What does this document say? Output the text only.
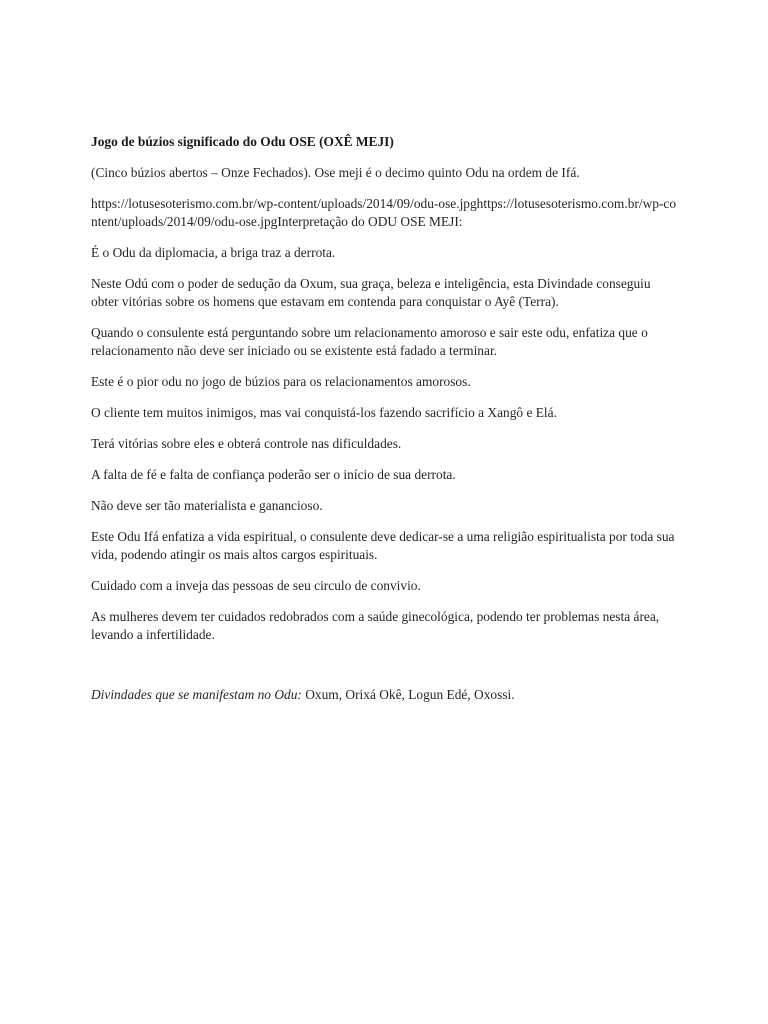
Jogo de búzios significado do Odu OSE (OXÊ MEJI)

(Cinco búzios abertos – Onze Fechados). Ose meji é o decimo quinto Odu na ordem de Ifá.

https://lotusesoterismo.com.br/wp-content/uploads/2014/09/odu-ose.jpghttps://lotusesoterismo.com.br/wp-content/uploads/2014/09/odu-ose.jpgInterpretação do ODU OSE MEJI:

É o Odu da diplomacia, a briga traz a derrota.

Neste Odú com o poder de sedução da Oxum, sua graça, beleza e inteligência, esta Divindade conseguiu obter vitórias sobre os homens que estavam em contenda para conquistar o Ayê (Terra).

Quando o consulente está perguntando sobre um relacionamento amoroso e sair este odu, enfatiza que o relacionamento não deve ser iniciado ou se existente está fadado a terminar.

Este é o pior odu no jogo de búzios para os relacionamentos amorosos.

O cliente tem muitos inimigos, mas vai conquistá-los fazendo sacrifício a Xangô e Elá.

Terá vitórias sobre eles e obterá controle nas dificuldades.

A falta de fé e falta de confiança poderão ser o início de sua derrota.

Não deve ser tão materialista e ganancioso.

Este Odu Ifá enfatiza a vida espiritual, o consulente deve dedicar-se a uma religião espiritualista por toda sua vida, podendo atingir os mais altos cargos espirituais.

Cuidado com a inveja das pessoas de seu circulo de convivio.

As mulheres devem ter cuidados redobrados com a saúde ginecológica, podendo ter problemas nesta área, levando a infertilidade.

Divindades que se manifestam no Odu: Oxum, Orixá Okê, Logun Edé, Oxossi.
